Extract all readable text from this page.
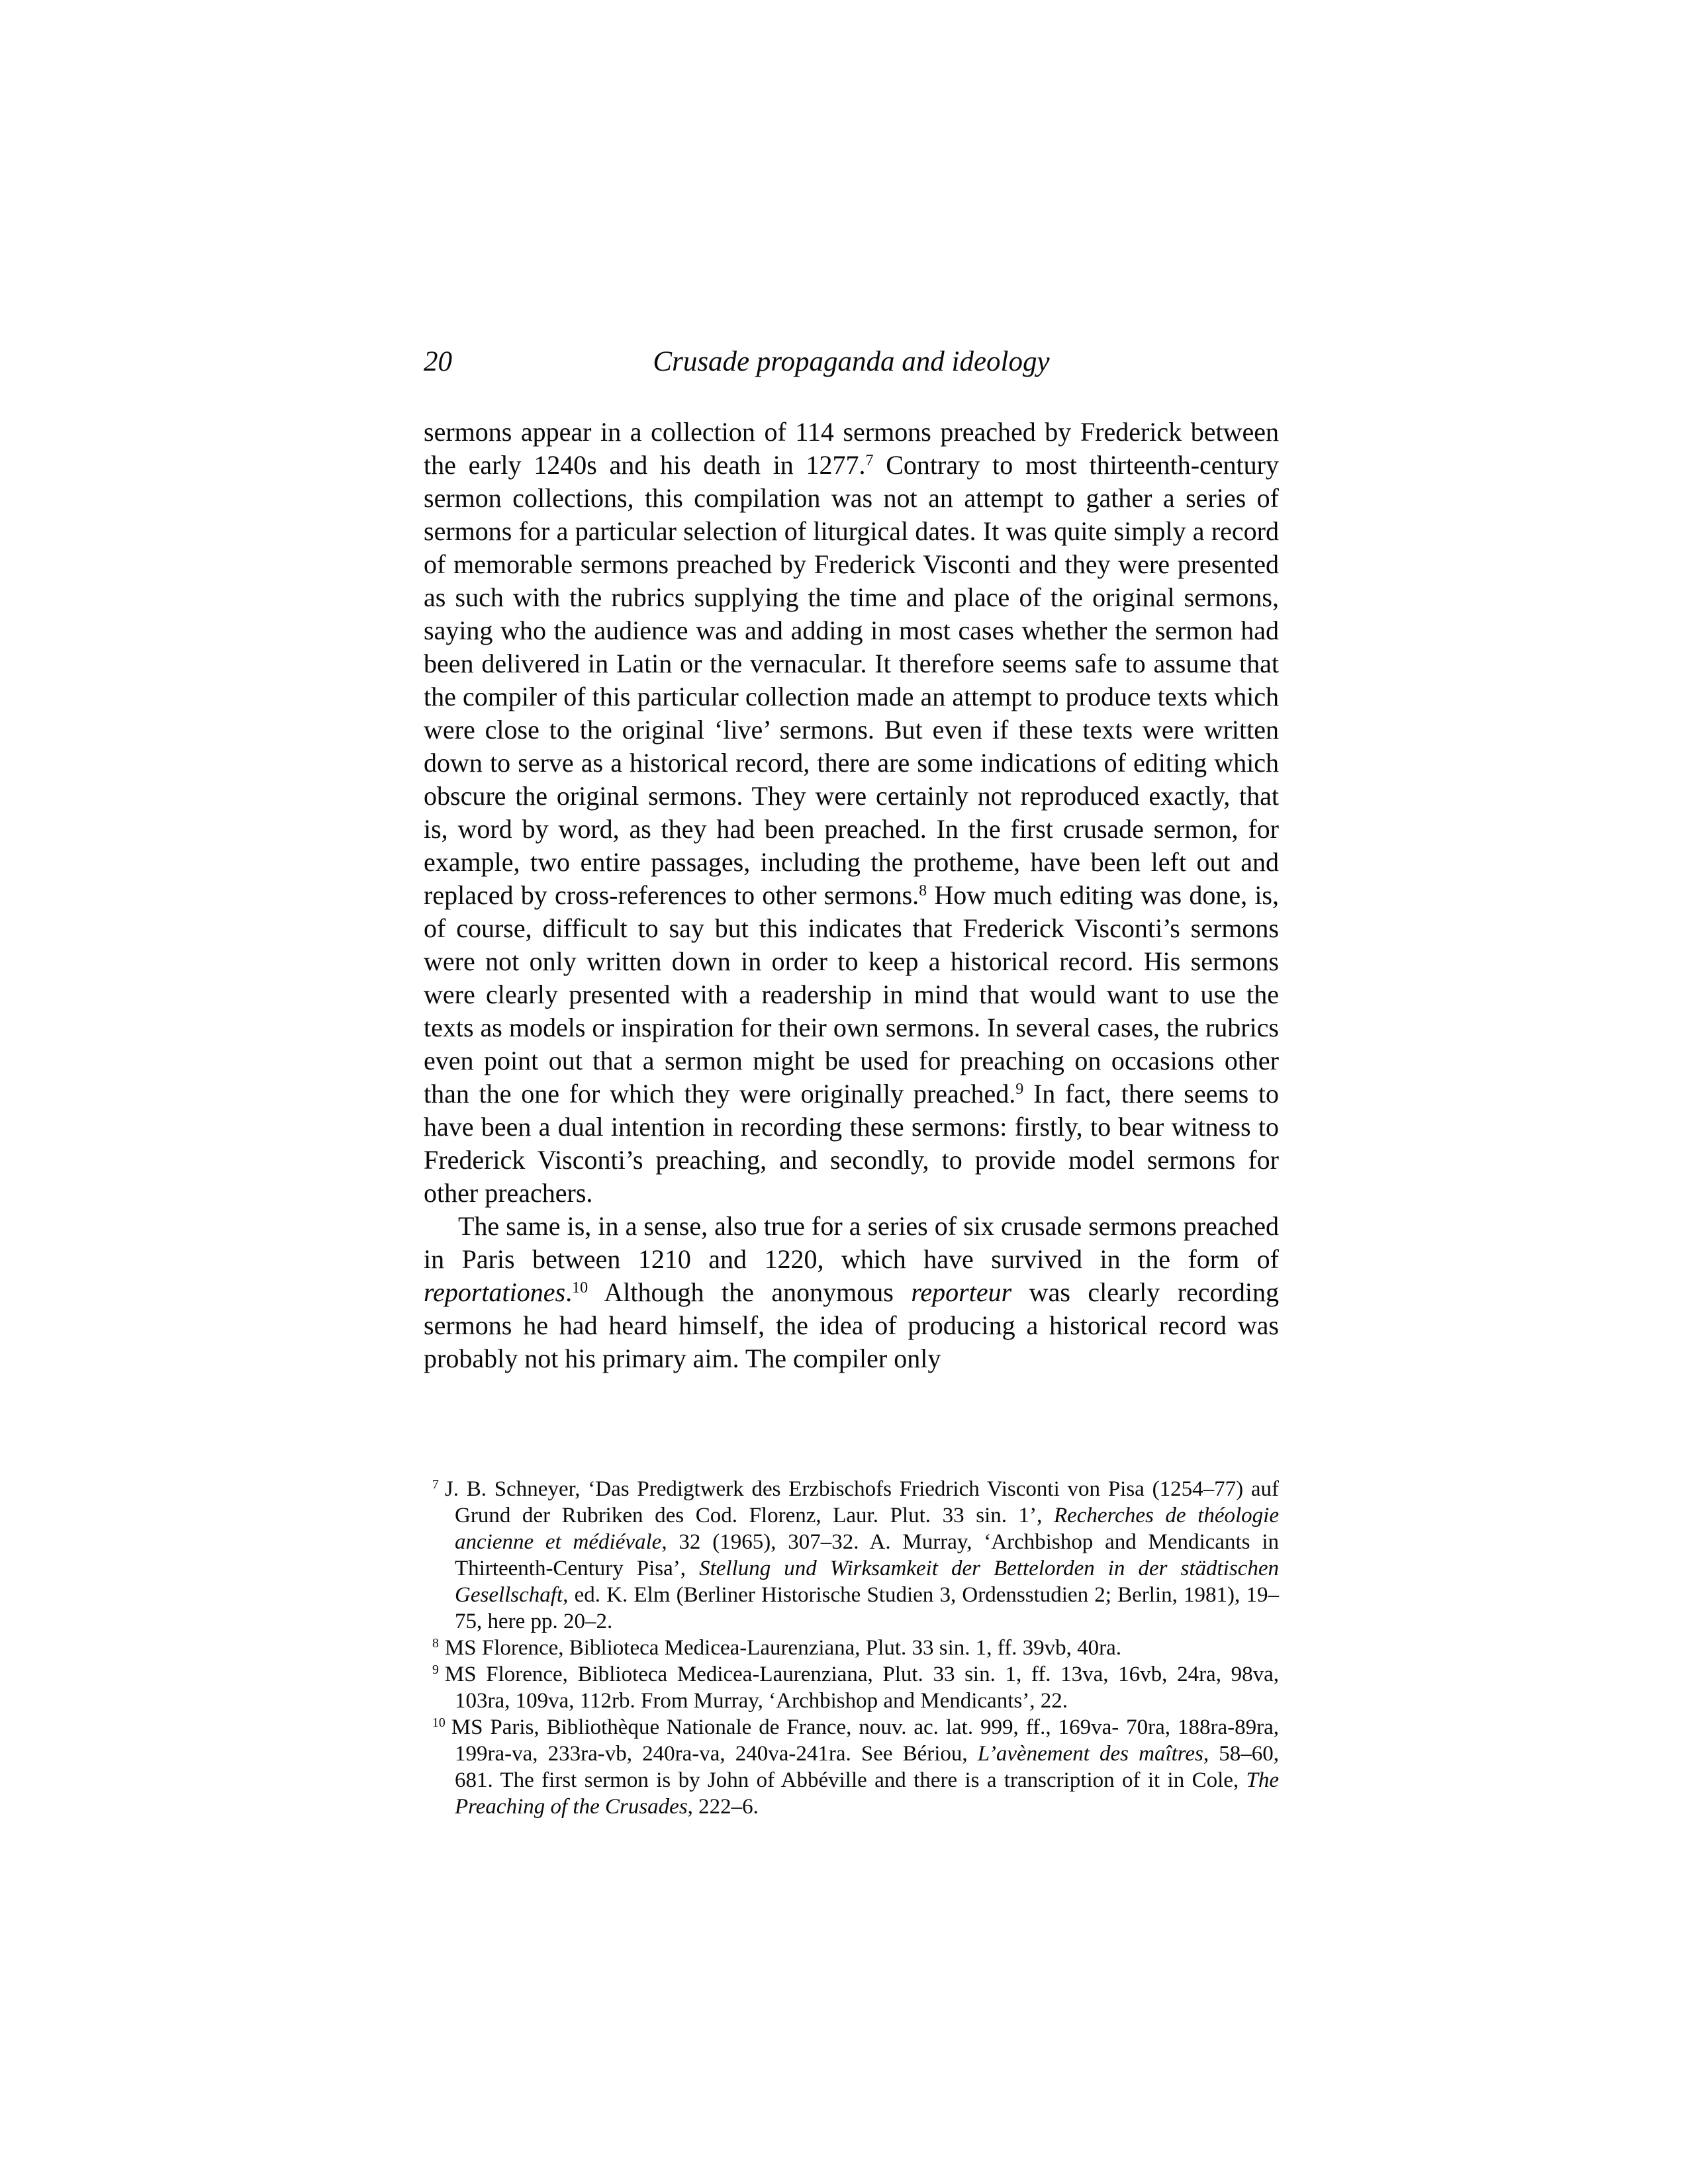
20	Crusade propaganda and ideology

sermons appear in a collection of 114 sermons preached by Frederick between the early 1240s and his death in 1277.$^7$ Contrary to most thirteenth-century sermon collections, this compilation was not an attempt to gather a series of sermons for a particular selection of liturgical dates. It was quite simply a record of memorable sermons preached by Frederick Visconti and they were presented as such with the rubrics supplying the time and place of the original sermons, saying who the audience was and adding in most cases whether the sermon had been delivered in Latin or the vernacular. It therefore seems safe to assume that the compiler of this particular collection made an attempt to produce texts which were close to the original ‘live’ sermons. But even if these texts were written down to serve as a historical record, there are some indications of editing which obscure the original sermons. They were certainly not reproduced exactly, that is, word by word, as they had been preached. In the first crusade sermon, for example, two entire passages, including the protheme, have been left out and replaced by cross-references to other sermons.$^8$ How much editing was done, is, of course, difficult to say but this indicates that Frederick Visconti’s sermons were not only written down in order to keep a historical record. His sermons were clearly presented with a readership in mind that would want to use the texts as models or inspiration for their own sermons. In several cases, the rubrics even point out that a sermon might be used for preaching on occasions other than the one for which they were originally preached.$^9$ In fact, there seems to have been a dual intention in recording these sermons: firstly, to bear witness to Frederick Visconti’s preaching, and secondly, to provide model sermons for other preachers.

The same is, in a sense, also true for a series of six crusade sermons preached in Paris between 1210 and 1220, which have survived in the form of reportationes.$^{10}$ Although the anonymous reporteur was clearly recording sermons he had heard himself, the idea of producing a historical record was probably not his primary aim. The compiler only

$^7$ J. B. Schneyer, ‘Das Predigtwerk des Erzbischofs Friedrich Visconti von Pisa (1254–77) auf Grund der Rubriken des Cod. Florenz, Laur. Plut. 33 sin. 1’, Recherches de théologie ancienne et médiévale, 32 (1965), 307–32. A. Murray, ‘Archbishop and Mendicants in Thirteenth-Century Pisa’, Stellung und Wirksamkeit der Bettelorden in der städtischen Gesellschaft, ed. K. Elm (Berliner Historische Studien 3, Ordensstudien 2; Berlin, 1981), 19–75, here pp. 20–2.

$^8$ MS Florence, Biblioteca Medicea-Laurenziana, Plut. 33 sin. 1, ff. 39vb, 40ra.

$^9$ MS Florence, Biblioteca Medicea-Laurenziana, Plut. 33 sin. 1, ff. 13va, 16vb, 24ra, 98va, 103ra, 109va, 112rb. From Murray, ‘Archbishop and Mendicants’, 22.

$^{10}$ MS Paris, Bibliothèque Nationale de France, nouv. ac. lat. 999, ff., 169va- 70ra, 188ra-89ra, 199ra-va, 233ra-vb, 240ra-va, 240va-241ra. See Bériou, L’avènement des maîtres, 58–60, 681. The first sermon is by John of Abbéville and there is a transcription of it in Cole, The Preaching of the Crusades, 222–6.
